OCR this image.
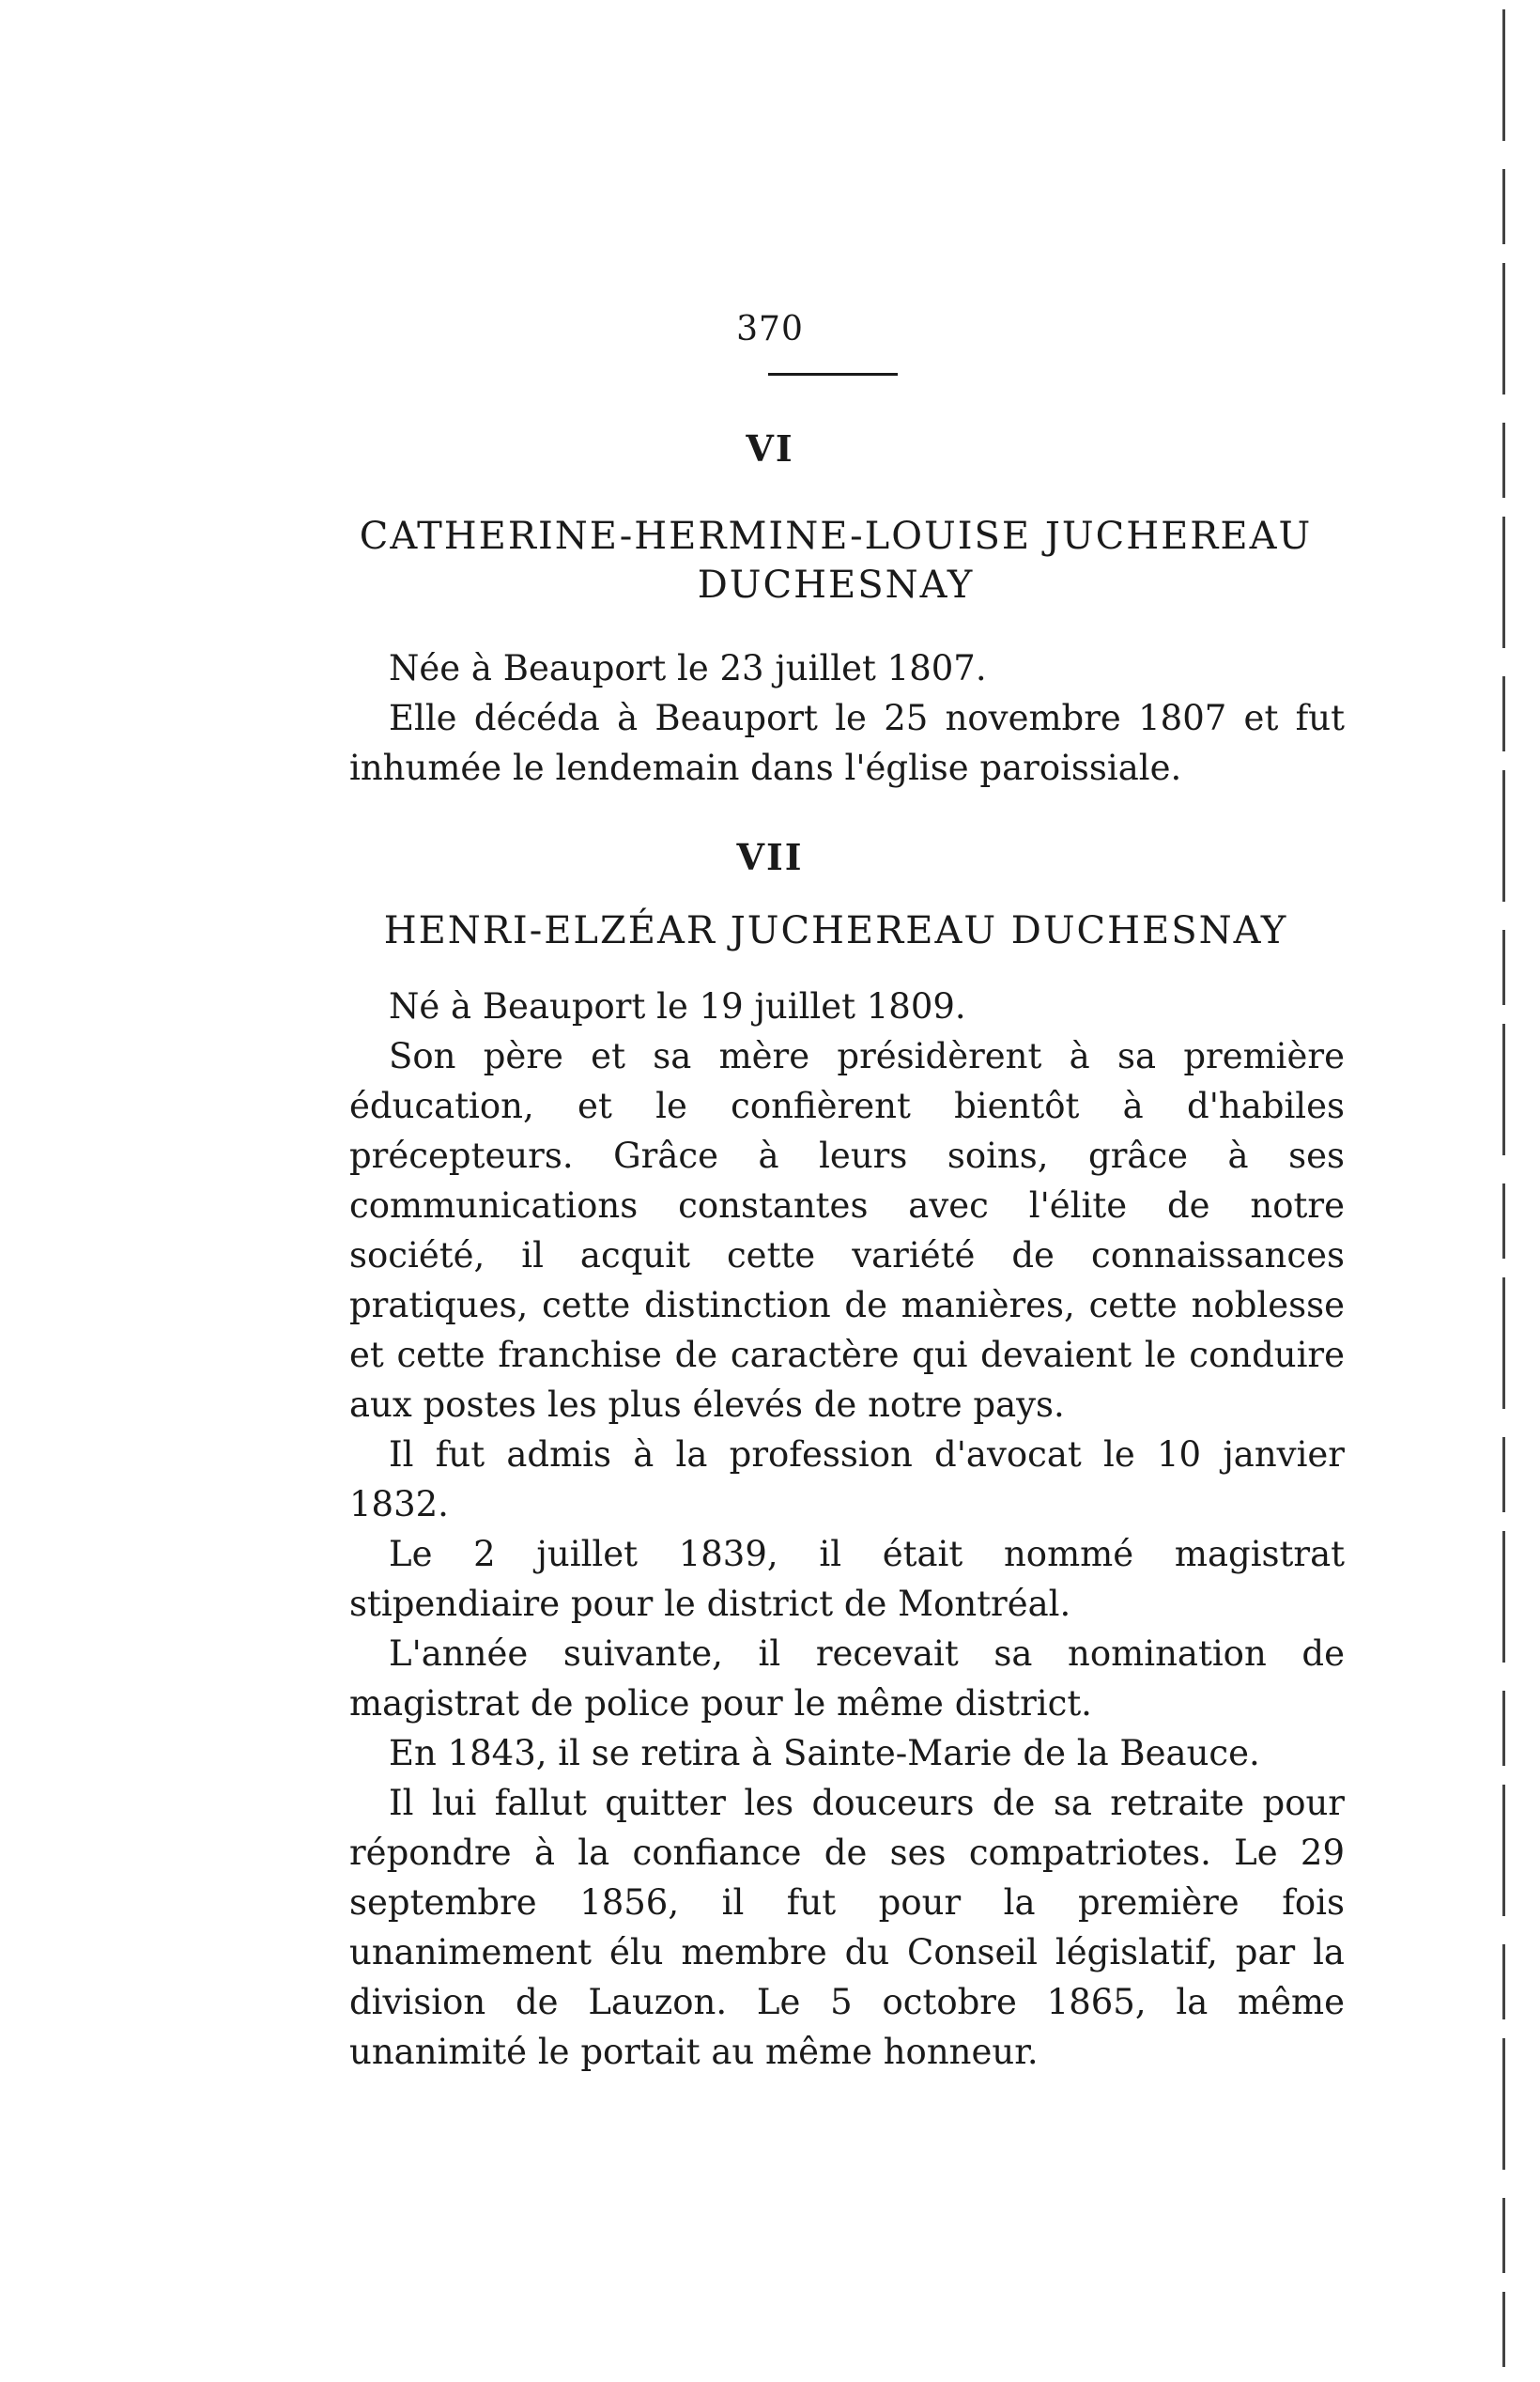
370
VI
CATHERINE-HERMINE-LOUISE JUCHEREAU
DUCHESNAY

Née à Beauport le 23 juillet 1807.

Elle décéda à Beauport le 25 novembre 1807 et fut inhumée le lendemain dans l'église paroissiale.

VII
HENRI-ELZÉAR JUCHEREAU DUCHESNAY

Né à Beauport le 19 juillet 1809.

Son père et sa mère présidèrent à sa première éducation, et le confièrent bientôt à d'habiles précepteurs. Grâce à leurs soins, grâce à ses communications constantes avec l'élite de notre société, il acquit cette variété de connaissances pratiques, cette distinction de manières, cette noblesse et cette franchise de caractère qui devaient le conduire aux postes les plus élevés de notre pays.

Il fut admis à la profession d'avocat le 10 janvier 1832.

Le 2 juillet 1839, il était nommé magistrat stipendiaire pour le district de Montréal.

L'année suivante, il recevait sa nomination de magistrat de police pour le même district.

En 1843, il se retira à Sainte-Marie de la Beauce.

Il lui fallut quitter les douceurs de sa retraite pour répondre à la confiance de ses compatriotes. Le 29 septembre 1856, il fut pour la première fois unanimement élu membre du Conseil législatif, par la division de Lauzon. Le 5 octobre 1865, la même unanimité le portait au même honneur.
